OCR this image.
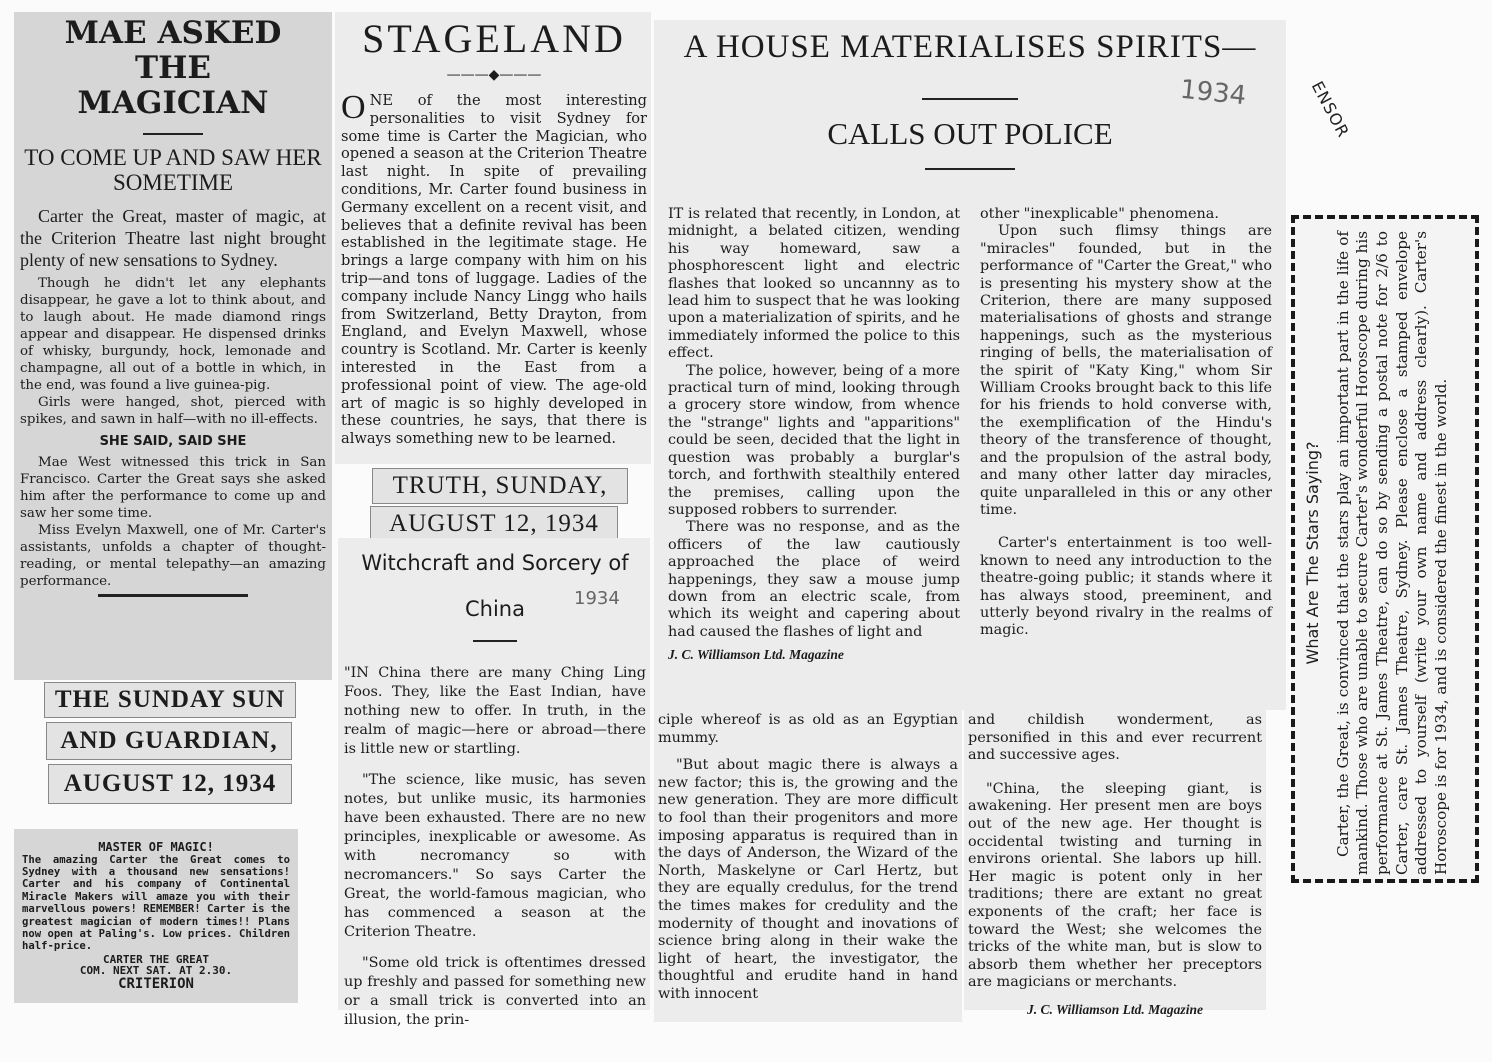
MAE ASKED THE MAGICIAN
TO COME UP AND SAW HER SOMETIME

Carter the Great, master of magic, at the Criterion Theatre last night brought plenty of new sensations to Sydney.

Though he didn't let any elephants disappear, he gave a lot to think about, and to laugh about. He made diamond rings appear and disappear. He dispensed drinks of whisky, burgundy, hock, lemonade and champagne, all out of a bottle in which, in the end, was found a live guinea-pig.

Girls were hanged, shot, pierced with spikes, and sawn in half—with no ill-effects.

SHE SAID, SAID SHE

Mae West witnessed this trick in San Francisco. Carter the Great says she asked him after the performance to come up and saw her some time.

Miss Evelyn Maxwell, one of Mr. Carter's assistants, unfolds a chapter of thought-reading, or mental telepathy—an amazing performance.

THE SUNDAY SUN
AND GUARDIAN,
AUGUST 12, 1934
MASTER OF MAGIC!

The amazing Carter the Great comes to Sydney with a thousand new sensations! Carter and his company of Continental Miracle Makers will amaze you with their marvellous powers! REMEMBER! Carter is the greatest magician of modern times!! Plans now open at Paling's. Low prices. Children half-price.

CARTER THE GREAT
COM. NEXT SAT. AT 2.30.
CRITERION
STAGELAND
———◆———

ONE of the most interesting personalities to visit Sydney for some time is Carter the Magician, who opened a season at the Criterion Theatre last night. In spite of prevailing conditions, Mr. Carter found business in Germany excellent on a recent visit, and believes that a definite revival has been established in the legitimate stage. He brings a large company with him on his trip—and tons of luggage. Ladies of the company include Nancy Lingg who hails from Switzerland, Betty Drayton, from England, and Evelyn Maxwell, whose country is Scotland. Mr. Carter is keenly interested in the East from a professional point of view. The age-old art of magic is so highly developed in these countries, he says, that there is always something new to be learned.

TRUTH, SUNDAY,
AUGUST 12, 1934
Witchcraft and Sorcery of China	1934

"IN China there are many Ching Ling Foos. They, like the East Indian, have nothing new to offer. In truth, in the realm of magic—here or abroad—there is little new or startling.

"The science, like music, has seven notes, but unlike music, its harmonies have been exhausted. There are no new principles, inexplicable or awesome. As with necromancy so with necromancers." So says Carter the Great, the world-famous magician, who has commenced a season at the Criterion Theatre.

"Some old trick is oftentimes dressed up freshly and passed for something new or a small trick is converted into an illusion, the prin-

ciple whereof is as old as an Egyptian mummy.

"But about magic there is always a new factor; this is, the growing and the new generation. They are more difficult to fool than their progenitors and more imposing apparatus is required than in the days of Anderson, the Wizard of the North, Maskelyne or Carl Hertz, but they are equally credulus, for the trend the times makes for credulity and the modernity of thought and inovations of science bring along in their wake the light of heart, the investigator, the thoughtful and erudite hand in hand with innocent

and childish wonderment, as personified in this and ever recurrent and successive ages.

"China, the sleeping giant, is awakening. Her present men are boys out of the new age. Her thought is occidental twisting and turning in environs oriental. She labors up hill. Her magic is potent only in her traditions; there are extant no great exponents of the craft; her face is toward the West; she welcomes the tricks of the white man, but is slow to absorb them whether her preceptors are magicians or merchants.

J. C. Williamson Ltd. Magazine
A HOUSE MATERIALISES SPIRITS—
CALLS OUT POLICE
1934

IT is related that recently, in London, at midnight, a belated citizen, wending his way homeward, saw a phosphorescent light and electric flashes that looked so uncannny as to lead him to suspect that he was looking upon a materialization of spirits, and he immediately informed the police to this effect.

The police, however, being of a more practical turn of mind, looking through a grocery store window, from whence the "strange" lights and "apparitions" could be seen, decided that the light in question was probably a burglar's torch, and forthwith stealthily entered the premises, calling upon the supposed robbers to surrender.

There was no response, and as the officers of the law cautiously approached the place of weird happenings, they saw a mouse jump down from an electric scale, from which its weight and capering about had caused the flashes of light and

J. C. Williamson Ltd. Magazine

other "inexplicable" phenomena.

Upon such flimsy things are "miracles" founded, but in the performance of "Carter the Great," who is presenting his mystery show at the Criterion, there are many supposed materialisations of ghosts and strange happenings, such as the mysterious ringing of bells, the materialisation of the spirit of "Katy King," whom Sir William Crooks brought back to this life for his friends to hold converse with, the exemplification of the Hindu's theory of the transference of thought, and the propulsion of the astral body, and many other latter day miracles, quite unparalleled in this or any other time.

Carter's entertainment is too well-known to need any introduction to the theatre-going public; it stands where it has always stood, preeminent, and utterly beyond rivalry in the realms of magic.

ENSOR
What Are The Stars Saying? Carter, the Great, is convinced that the stars play an important part in the life of mankind. Those who are unable to secure Carter's wonderful Horoscope during his performance at St. James Theatre, can do so by sending a postal note for 2/6 to Carter, care St. James Theatre, Sydney. Please enclose a stamped envelope addressed to yourself (write your own name and address clearly). Carter's Horoscope is for 1934, and is considered the finest in the world.
